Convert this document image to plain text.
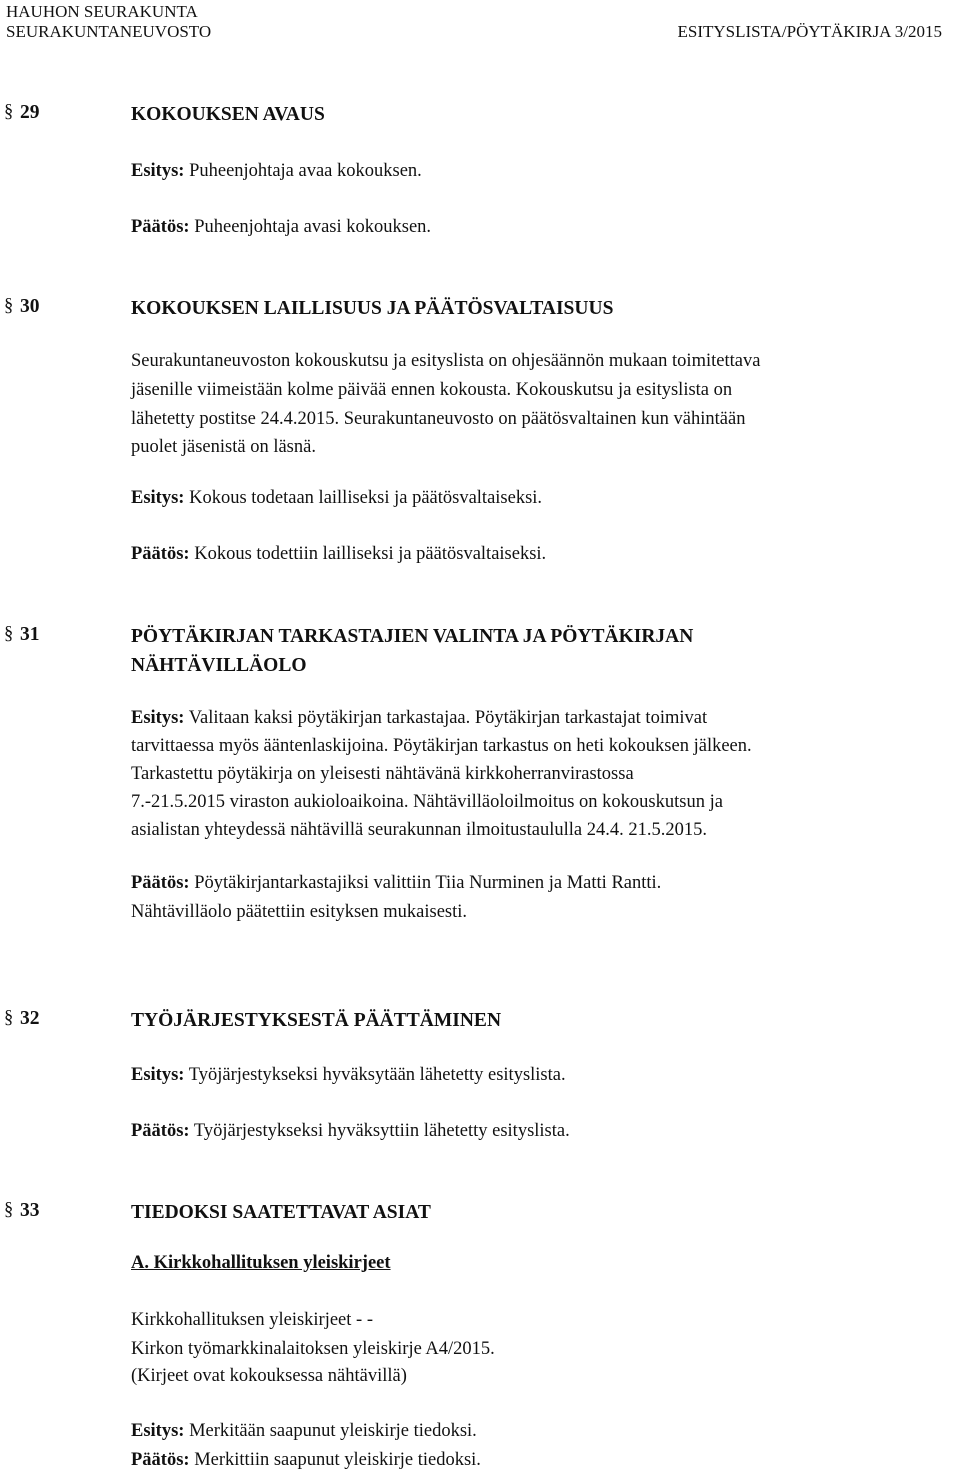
HAUHON SEURAKUNTA
SEURAKUNTANEUVOSTO	ESITYSLISTA/PÖYTÄKIRJA 3/2015
§ 29	KOKOUKSEN AVAUS
Esitys: Puheenjohtaja avaa kokouksen.
Päätös: Puheenjohtaja avasi kokouksen.
§ 30	KOKOUKSEN LAILLISUUS JA PÄÄTÖSVALTAISUUS
Seurakuntaneuvoston kokouskutsu ja esityslista on ohjesäännön mukaan toimitettava
jäsenille viimeistään kolme päivää ennen kokousta. Kokouskutsu ja esityslista on
lähetetty postitse 24.4.2015. Seurakuntaneuvosto on päätösvaltainen kun vähintään
puolet jäsenistä on läsnä.
Esitys: Kokous todetaan lailliseksi ja päätösvaltaiseksi.
Päätös: Kokous todettiin lailliseksi ja päätösvaltaiseksi.
§ 31	PÖYTÄKIRJAN TARKASTAJIEN VALINTA JA PÖYTÄKIRJAN
NÄHTÄVILLÄOLO
Esitys: Valitaan kaksi pöytäkirjan tarkastajaa. Pöytäkirjan tarkastajat toimivat
tarvittaessa myös ääntenlaskijoina. Pöytäkirjan tarkastus on heti kokouksen jälkeen.
Tarkastettu pöytäkirja on yleisesti nähtävänä kirkkoherranvirastossa
7.-21.5.2015 viraston aukioloaikoina. Nähtävilläoloilmoitus on kokouskutsun ja
asialistan yhteydessä nähtävillä seurakunnan ilmoitustaululla 24.4. 21.5.2015.
Päätös: Pöytäkirjantarkastajiksi valittiin Tiia Nurminen ja Matti Rantti.
Nähtävilläolo päätettiin esityksen mukaisesti.
§ 32	TYÖJÄRJESTYKSESTÄ PÄÄTTÄMINEN
Esitys: Työjärjestykseksi hyväksytään lähetetty esityslista.
Päätös: Työjärjestykseksi hyväksyttiin lähetetty esityslista.
§ 33	TIEDOKSI SAATETTAVAT ASIAT
A. Kirkkohallituksen yleiskirjeet
Kirkkohallituksen yleiskirjeet - -
Kirkon työmarkkinalaitoksen yleiskirje A4/2015.
(Kirjeet ovat kokouksessa nähtävillä)
Esitys: Merkitään saapunut yleiskirje tiedoksi.
Päätös: Merkittiin saapunut yleiskirje tiedoksi.
